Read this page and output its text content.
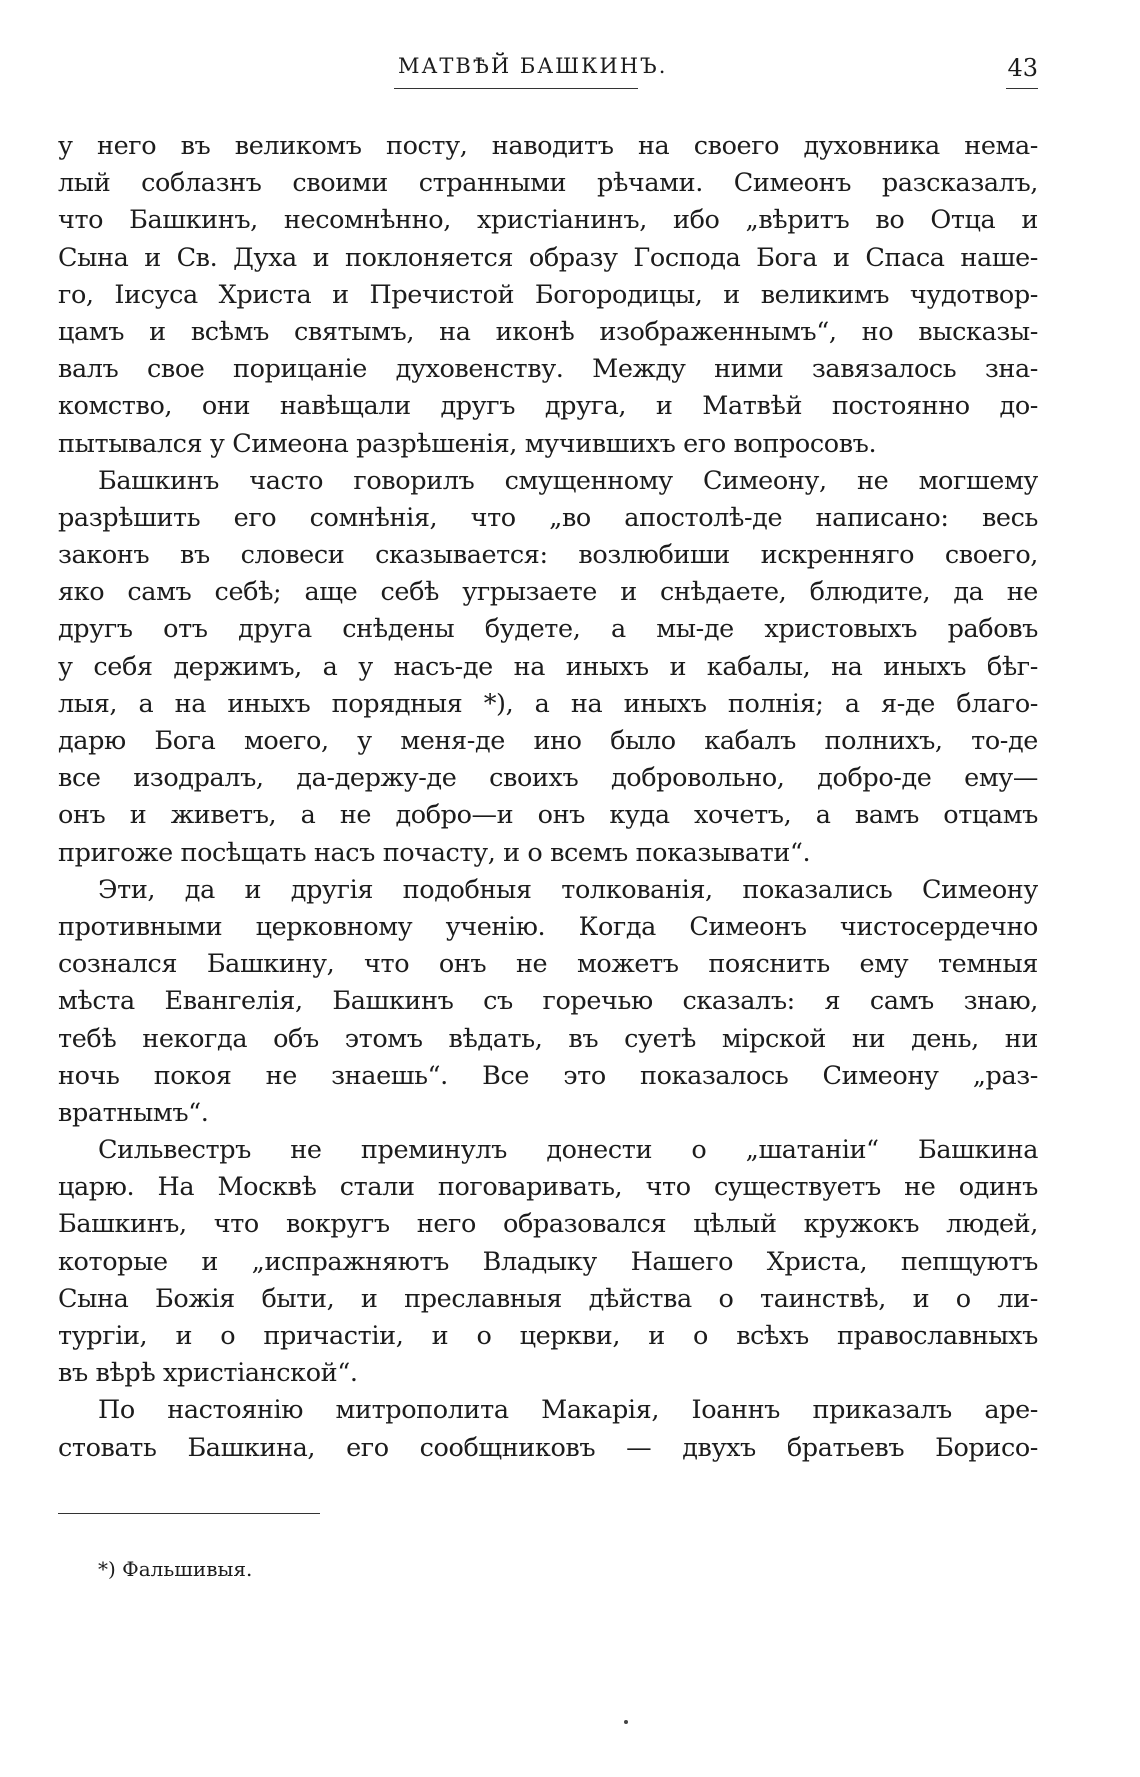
МАТВѢЙ БАШКИНЪ.	43
у него въ великомъ посту, наводитъ на своего духовника нема-
лый соблазнъ своими странными рѣчами. Симеонъ разсказалъ,
что Башкинъ, несомнѣнно, христіанинъ, ибо „вѣритъ во Отца и
Сына и Св. Духа и поклоняется образу Господа Бога и Спаса наше-
го, Іисуса Христа и Пречистой Богородицы, и великимъ чудотвор-
цамъ и всѣмъ святымъ, на иконѣ изображеннымъ“, но высказы-
валъ свое порицаніе духовенству. Между ними завязалось зна-
комство, они навѣщали другъ друга, и Матвѣй постоянно до-
пытывался у Симеона разрѣшенія, мучившихъ его вопросовъ.
Башкинъ часто говорилъ смущенному Симеону, не могшему
разрѣшить его сомнѣнія, что „во апостолѣ-де написано: весь
законъ въ словеси сказывается: возлюбиши искренняго своего,
яко самъ себѣ; аще себѣ угрызаете и снѣдаете, блюдите, да не
другъ отъ друга снѣдены будете, а мы-де христовыхъ рабовъ
у себя держимъ, а у насъ-де на иныхъ и кабалы, на иныхъ бѣг-
лыя, а на иныхъ порядныя *), а на иныхъ полнія; а я-де благо-
дарю Бога моего, у меня-де ино было кабалъ полнихъ, то-де
все изодралъ, да-держу-де своихъ добровольно, добро-де ему—
онъ и живетъ, а не добро—и онъ куда хочетъ, а вамъ отцамъ
пригоже посѣщать насъ почасту, и о всемъ показывати“.
Эти, да и другія подобныя толкованія, показались Симеону
противными церковному ученію. Когда Симеонъ чистосердечно
сознался Башкину, что онъ не можетъ пояснить ему темныя
мѣста Евангелія, Башкинъ съ горечью сказалъ: я самъ знаю,
тебѣ некогда объ этомъ вѣдать, въ суетѣ мірской ни день, ни
ночь покоя не знаешь“. Все это показалось Симеону „раз-
вратнымъ“.
Сильвестръ не преминулъ донести о „шатаніи“ Башкина
царю. На Москвѣ стали поговаривать, что существуетъ не одинъ
Башкинъ, что вокругъ него образовался цѣлый кружокъ людей,
которые и „испражняютъ Владыку Нашего Христа, пепщуютъ
Сына Божія быти, и преславныя дѣйства о таинствѣ, и о ли-
тургіи, и о причастіи, и о церкви, и о всѣхъ православныхъ
въ вѣрѣ христіанской“.
По настоянію митрополита Макарія, Іоаннъ приказалъ аре-
стовать Башкина, его сообщниковъ — двухъ братьевъ Борисо-
*) Фальшивыя.
